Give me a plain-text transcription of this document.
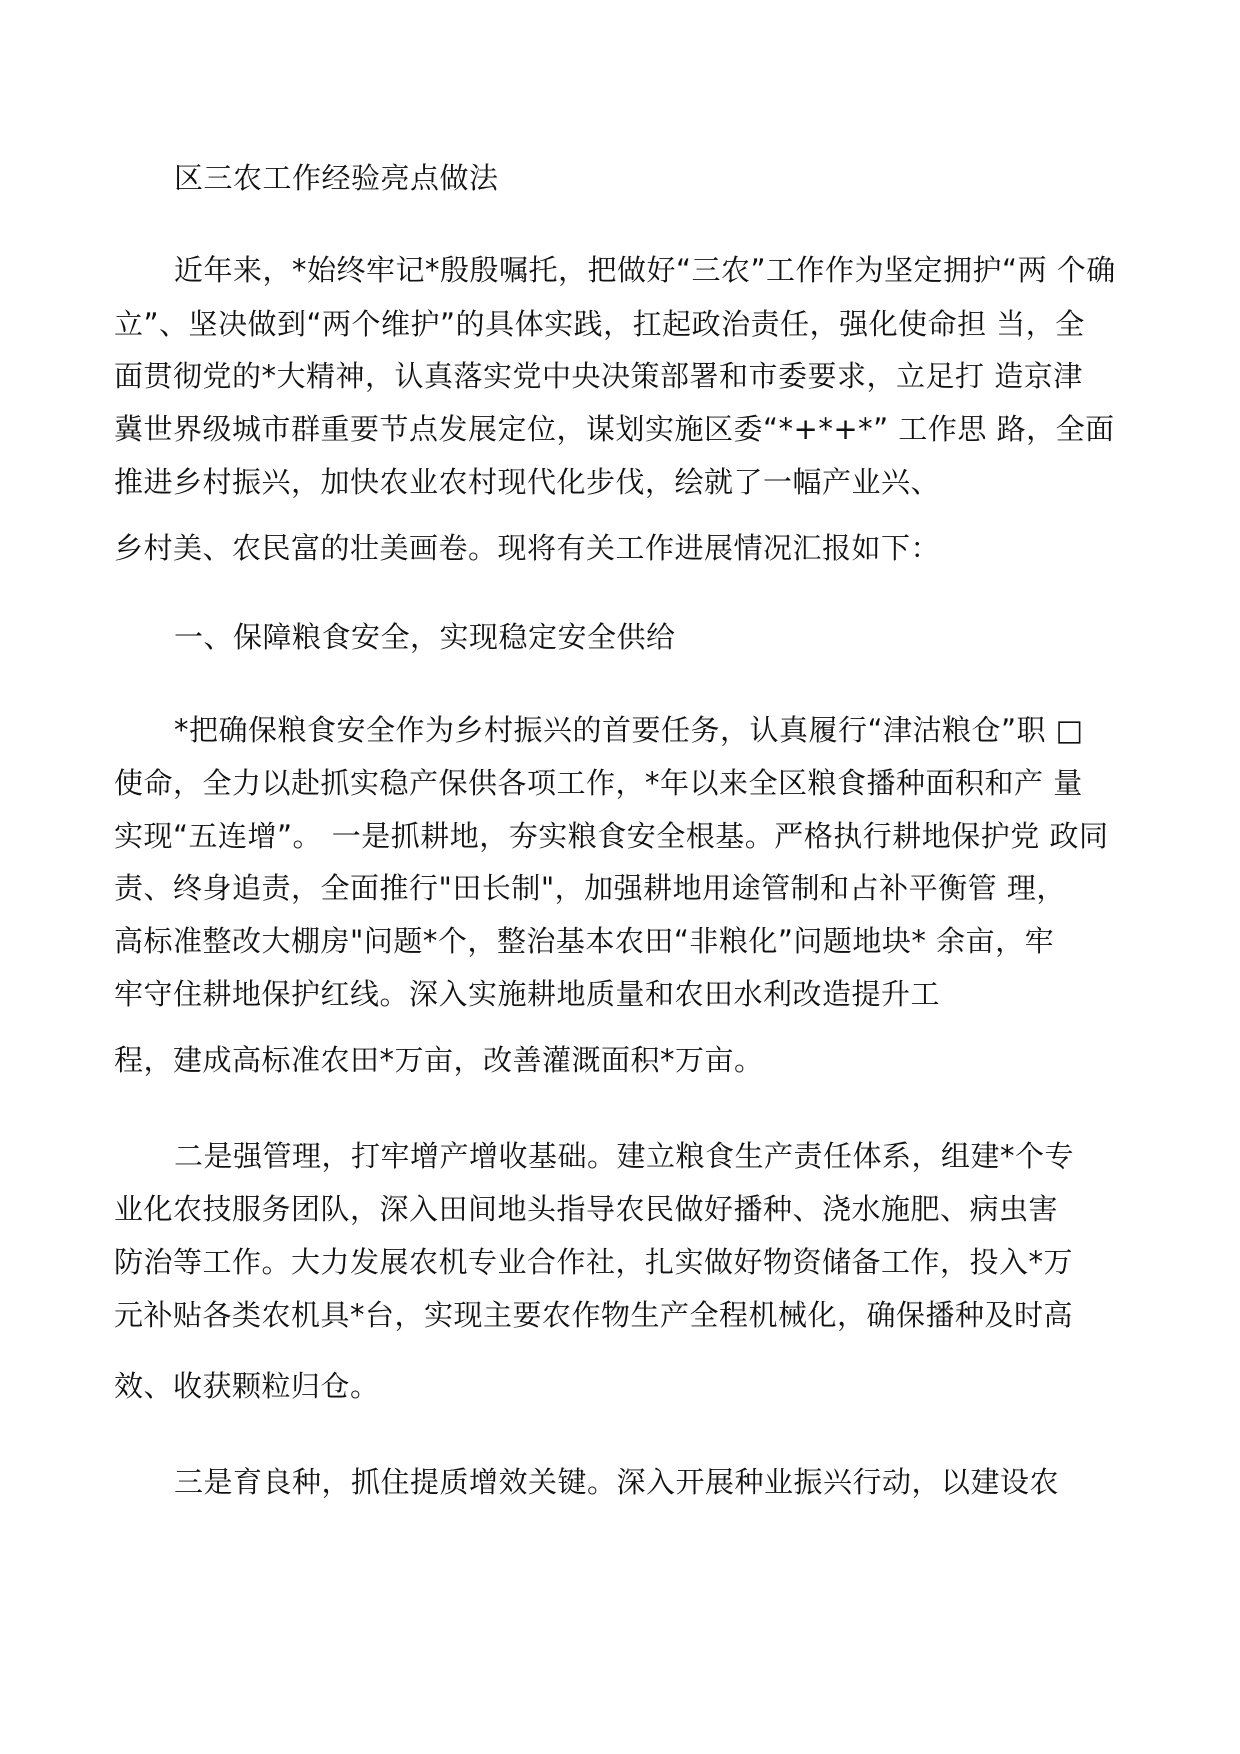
区三农工作经验亮点做法
近年来，*始终牢记*殷殷嘱托，把做好“三农”工作作为坚定拥护“两 个确
立”、坚决做到“两个维护”的具体实践，扛起政治责任，强化使命担 当，全
面贯彻党的*大精神，认真落实党中央决策部署和市委要求，立足打 造京津
冀世界级城市群重要节点发展定位，谋划实施区委“*+*+*” 工作思 路，全面
推进乡村振兴，加快农业农村现代化步伐，绘就了一幅产业兴、
乡村美、农民富的壮美画卷。现将有关工作进展情况汇报如下：
一、保障粮食安全，实现稳定安全供给
*把确保粮食安全作为乡村振兴的首要任务，认真履行“津沽粮仓”职 □
使命，全力以赴抓实稳产保供各项工作，*年以来全区粮食播种面积和产 量
实现“五连增”。 一是抓耕地，夯实粮食安全根基。严格执行耕地保护党 政同
责、终身追责，全面推行"田长制"，加强耕地用途管制和占补平衡管 理，
高标准整改大棚房"问题*个，整治基本农田“非粮化”问题地块* 余亩，牢
牢守住耕地保护红线。深入实施耕地质量和农田水利改造提升工
程，建成高标准农田*万亩，改善灌溉面积*万亩。
二是强管理，打牢增产增收基础。建立粮食生产责任体系，组建*个专
业化农技服务团队，深入田间地头指导农民做好播种、浇水施肥、病虫害
防治等工作。大力发展农机专业合作社，扎实做好物资储备工作，投入*万
元补贴各类农机具*台，实现主要农作物生产全程机械化，确保播种及时高
效、收获颗粒归仓。
三是育良种，抓住提质增效关键。深入开展种业振兴行动，以建设农
